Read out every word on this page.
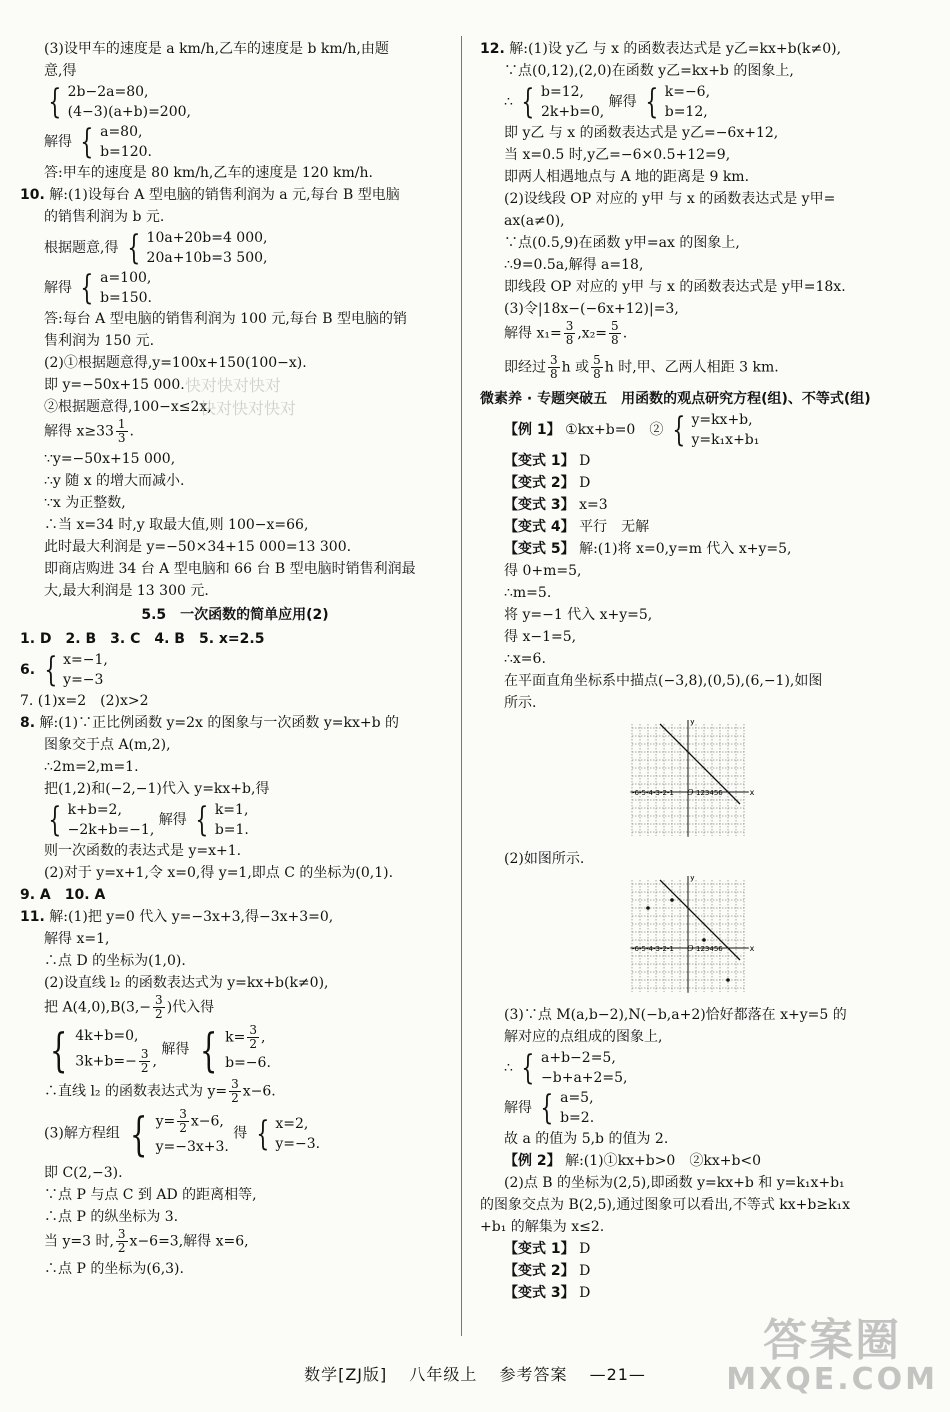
(3)设甲车的速度是 a km/h,乙车的速度是 b km/h,由题
意,得
{ 2b−2a=80,
(4−3)(a+b)=200,
解得 { a=80,
b=120.
答:甲车的速度是 80 km/h,乙车的速度是 120 km/h.
10. 解:(1)设每台 A 型电脑的销售利润为 a 元,每台 B 型电脑
的销售利润为 b 元.
根据题意,得 { 10a+20b=4 000,
20a+10b=3 500,
解得 { a=100,
b=150.
答:每台 A 型电脑的销售利润为 100 元,每台 B 型电脑的销
售利润为 150 元.
(2)①根据题意得,y=100x+150(100−x).
即 y=−50x+15 000.
②根据题意得,100−x≤2x,
解得 $x\ge 33 \frac{1}{3}$ .
∵y=−50x+15 000,
∴y 随 x 的增大而减小.
∵x 为正整数,
∴当 x=34 时,y 取最大值,则 100−x=66,
此时最大利润是 y=−50×34+15 000=13 300.
即商店购进 34 台 A 型电脑和 66 台 B 型电脑时销售利润最
大,最大利润是 13 300 元.
5.5　一次函数的简单应用(2)
1. D　2. B　3. C　4. B　5. x=2.5
6. { x=−1,
y=−3
7. (1)x=2　(2)x>2
8. 解:(1)∵正比例函数 y=2x 的图象与一次函数 y=kx+b 的
图象交于点 A(m,2),
∴2m=2,m=1.
把(1,2)和(−2,−1)代入 y=kx+b,得
{ k+b=2,
−2k+b=−1,
解得 { k=1,
b=1.
则一次函数的表达式是 y=x+1.
(2)对于 y=x+1,令 x=0,得 y=1,即点 C 的坐标为(0,1).
9. A　10. A
11. 解:(1)把 y=0 代入 y=−3x+3,得−3x+3=0,
解得 x=1,
∴点 D 的坐标为(1,0).
(2)设直线 l₂ 的函数表达式为 y=kx+b(k≠0),
把 $A(4,0),B(3,- \frac{3}{2}$ )代入得
{ 4k+b=0,
$3k+b=- \frac{3}{2}$ ,
解得 { $k= \frac{3}{2}$ ,
b=−6.
∴直线 l₂ 的函数表达式为 $y= \frac{3}{2} x-6$.
(3)解方程组 { $y= \frac{3}{2} x-6$,
y=−3x+3.
得 { x=2,
y=−3.
即 C(2,−3).
∵点 P 与点 C 到 AD 的距离相等,
∴点 P 的纵坐标为 3.
当 y=3 时, $\frac{3}{2} x-6=3$,解得 x=6,
∴点 P 的坐标为(6,3).
12. 解:(1)设 y乙 与 x 的函数表达式是 y乙=kx+b(k≠0),
∵点(0,12),(2,0)在函数 y乙=kx+b 的图象上,
∴ { b=12,
2k+b=0,
解得 { k=−6,
b=12,
即 y乙 与 x 的函数表达式是 y乙=−6x+12,
当 x=0.5 时,y乙=−6×0.5+12=9,
即两人相遇地点与 A 地的距离是 9 km.
(2)设线段 OP 对应的 y甲 与 x 的函数表达式是 y甲=
ax(a≠0),
∵点(0.5,9)在函数 y甲=ax 的图象上,
∴9=0.5a,解得 a=18,
即线段 OP 对应的 y甲 与 x 的函数表达式是 y甲=18x.
(3)令|18x−(−6x+12)|=3,
解得 $x_1= \frac{3}{8} ,x_2= \frac{5}{8}$ .
即经过 $\frac{3}{8}$ h 或 $\frac{5}{8}$ h 时,甲、乙两人相距 3 km.
微素养 · 专题突破五　用函数的观点研究方程(组)、不等式(组)
【例 1】 ①kx+b=0　② { y=kx+b,
y=k₁x+b₁
【变式 1】 D
【变式 2】 D
【变式 3】 x=3
【变式 4】 平行　无解
【变式 5】 解:(1)将 x=0,y=m 代入 x+y=5,
得 0+m=5,
∴m=5.
将 y=−1 代入 x+y=5,
得 x−1=5,
∴x=6.
在平面直角坐标系中描点(−3,8),(0,5),(6,−1),如图
所示.
x
y
-6-5-4-3-2-1 O 123456
(2)如图所示.
x
y
-6-5-4-3-2-1 O 123456
(3)∵点 M(a,b−2),N(−b,a+2)恰好都落在 x+y=5 的
解对应的点组成的图象上,
∴ { a+b−2=5,
−b+a+2=5,
解得 { a=5,
b=2.
故 a 的值为 5,b 的值为 2.
【例 2】 解:(1)①kx+b>0　②kx+b<0
(2)点 B 的坐标为(2,5),即函数 y=kx+b 和 y=k₁x+b₁
的图象交点为 B(2,5),通过图象可以看出,不等式 kx+b≥k₁x
+b₁ 的解集为 x≤2.
【变式 1】 D
【变式 2】 D
【变式 3】 D
快对快对快对
快对快对快对
数学[ZJ版] 八年级上 参考答案 —21—
答案圈
MXQE.COM
